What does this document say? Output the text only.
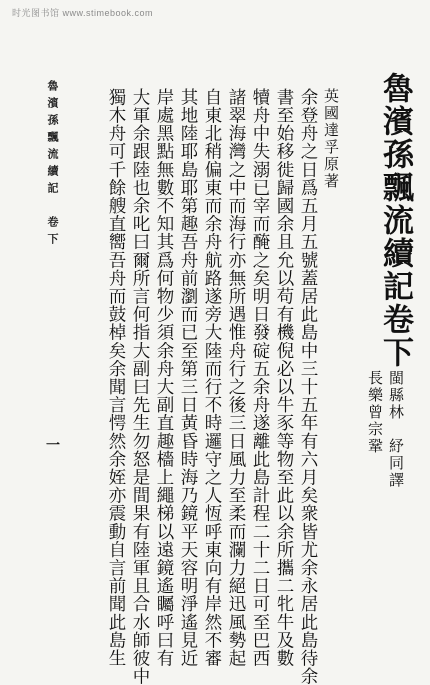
时光图书馆 www.stimebook.com
魯濱孫飄流續記卷下
閩縣林　紓同譯
長樂曾宗鞏
英國達孚原著
余登舟之日爲五月五號蓋居此島中三十五年有六月矣衆皆尤余永居此島待余
書至始移徙歸國余且允以苟有機倪必以牛豕等物至此以余所攜二牝牛及數
犢舟中失溺已宰而醃之矣明日發碇五余舟遂離此島計程二十二日可至巴西
諸翠海灣之中而海行亦無所遇惟舟行之後三日風力至柔而瀾力絕迅風勢起
自東北稍偏東而余舟航路遂旁大陸而行不時邏守之人恆呼東向有岸然不審
其地陸耶島耶第趣吾舟前瀏而已至第三日黃昏時海乃鏡平天容明淨遙見近
岸處黑點無數不知其爲何物少須余舟大副直趣檣上繩梯以遠鏡遙矚呼曰有
大軍余跟陸也余叱曰爾所言何指大副曰先生勿怒是間果有陸軍且合水師彼中
獨木舟可千餘艘直嚮吾舟而鼓棹矣余聞言愕然余姪亦震動自言前聞此島生
魯濱孫飄流續記　卷下
一
